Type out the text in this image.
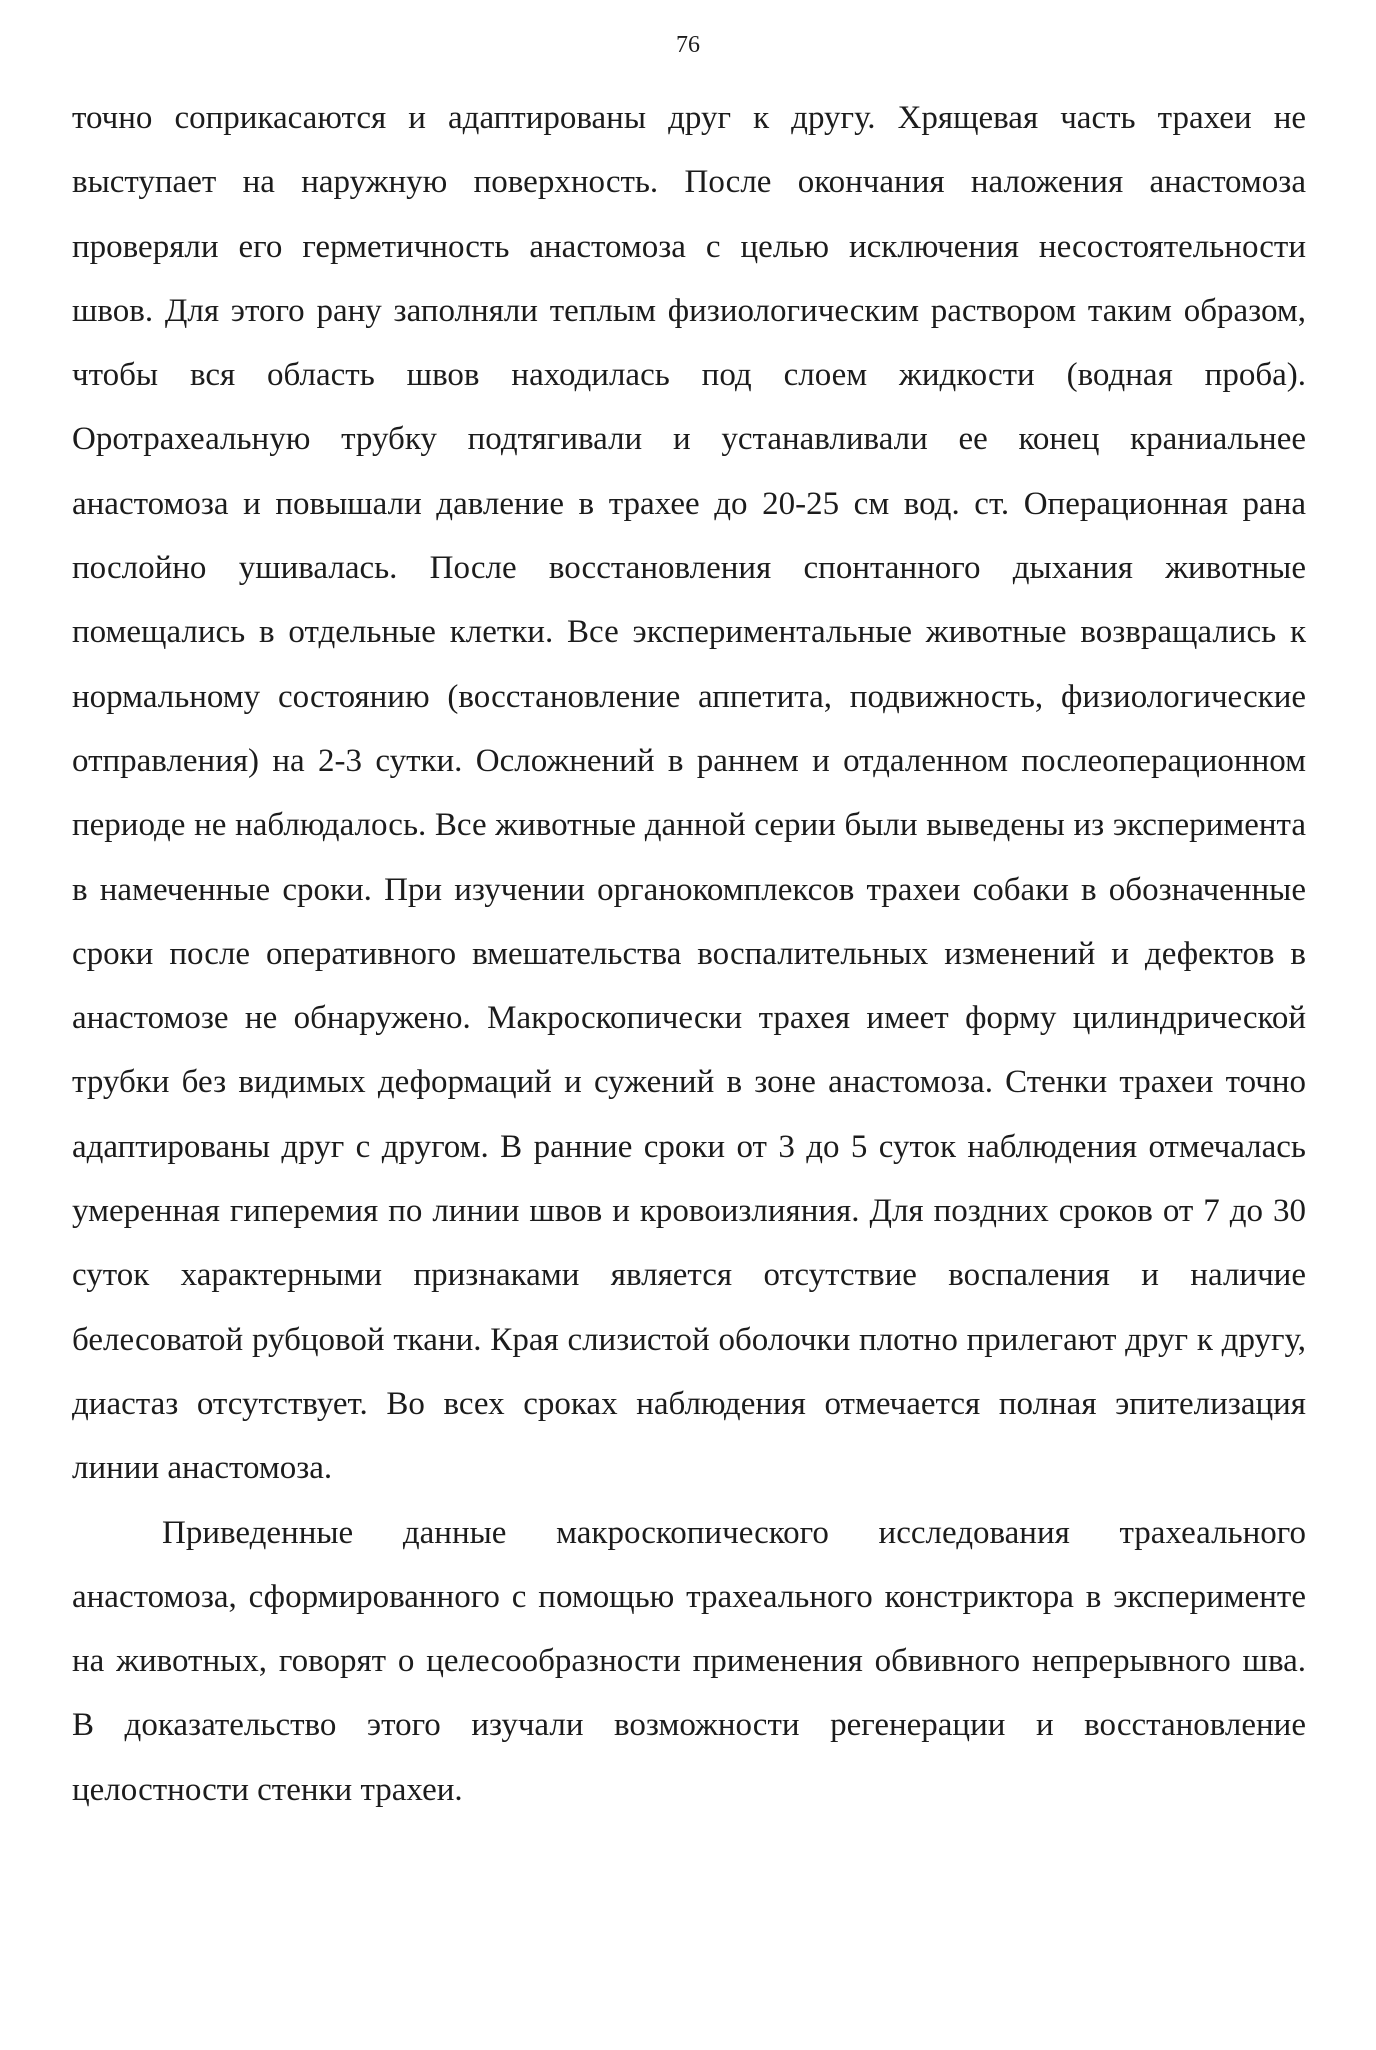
76

точно соприкасаются и адаптированы друг к другу. Хрящевая часть трахеи не выступает на наружную поверхность. После окончания наложения анастомоза проверяли его герметичность анастомоза с целью исключения несостоятельности швов. Для этого рану заполняли теплым физиологическим раствором таким образом, чтобы вся область швов находилась под слоем жидкости (водная проба). Оротрахеальную трубку подтягивали и устанавливали ее конец краниальнее анастомоза и повышали давление в трахее до 20-25 см вод. ст. Операционная рана послойно ушивалась. После восстановления спонтанного дыхания животные помещались в отдельные клетки. Все экспериментальные животные возвращались к нормальному состоянию (восстановление аппетита, подвижность, физиологические отправления) на 2-3 сутки. Осложнений в раннем и отдаленном послеоперационном периоде не наблюдалось. Все животные данной серии были выведены из эксперимента в намеченные сроки. При изучении органокомплексов трахеи собаки в обозначенные сроки после оперативного вмешательства воспалительных изменений и дефектов в анастомозе не обнаружено. Макроскопически трахея имеет форму цилиндрической трубки без видимых деформаций и сужений в зоне анастомоза. Стенки трахеи точно адаптированы друг с другом. В ранние сроки от 3 до 5 суток наблюдения отмечалась умеренная гиперемия по линии швов и кровоизлияния. Для поздних сроков от 7 до 30 суток характерными признаками является отсутствие воспаления и наличие белесоватой рубцовой ткани. Края слизистой оболочки плотно прилегают друг к другу, диастаз отсутствует. Во всех сроках наблюдения отмечается полная эпителизация линии анастомоза.

Приведенные данные макроскопического исследования трахеального анастомоза, сформированного с помощью трахеального констриктора в эксперименте на животных, говорят о целесообразности применения обвивного непрерывного шва. В доказательство этого изучали возможности регенерации и восстановление целостности стенки трахеи.
